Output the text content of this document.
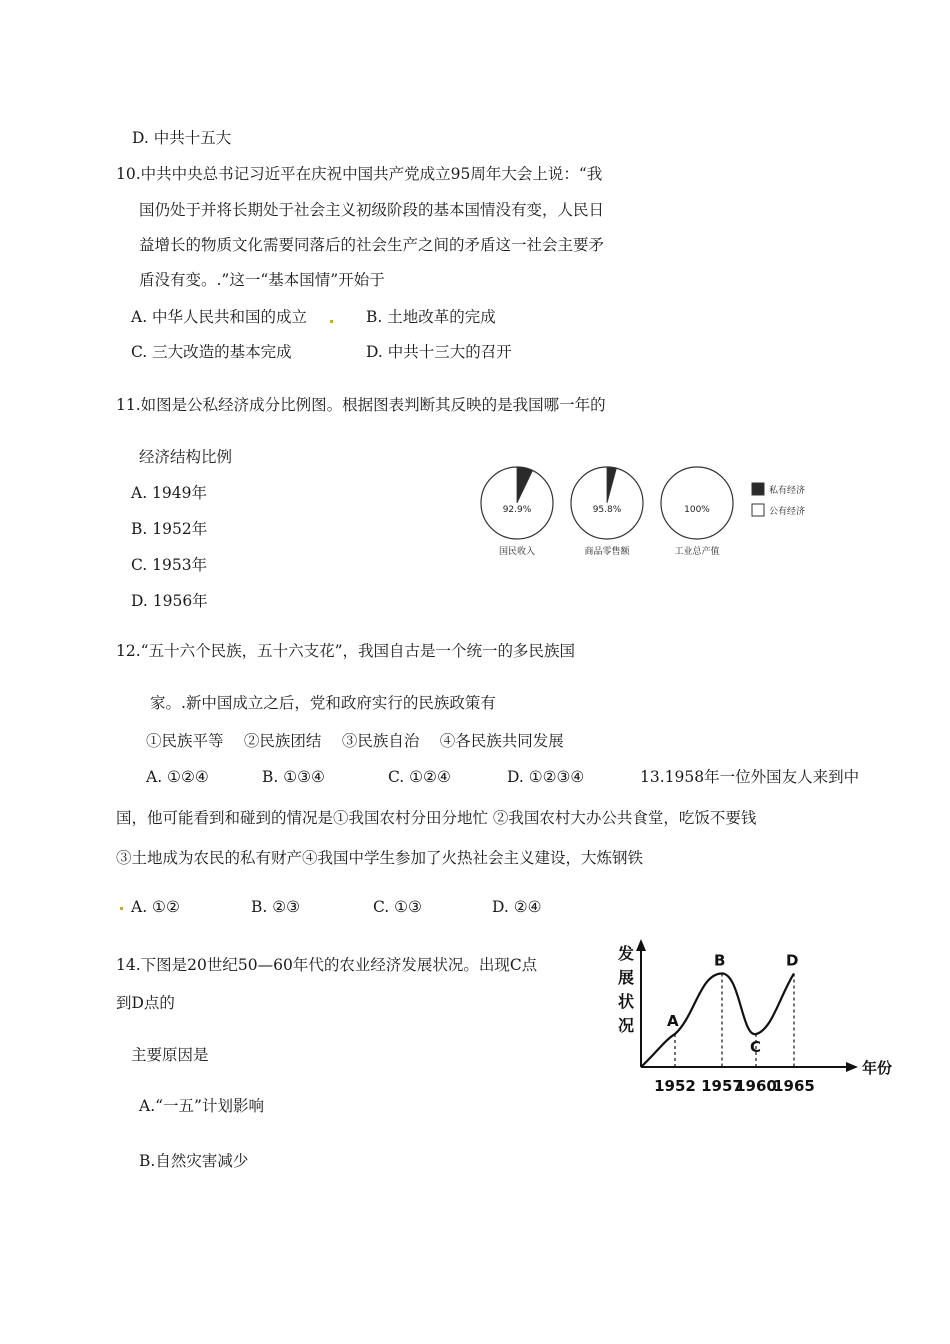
D. 中共十五大
10.中共中央总书记习近平在庆祝中国共产党成立95周年大会上说：“我
国仍处于并将长期处于社会主义初级阶段的基本国情没有变，人民日
益增长的物质文化需要同落后的社会生产之间的矛盾这一社会主要矛
盾没有变。.”这一“基本国情”开始于
A. 中华人民共和国的成立	B. 土地改革的完成
C. 三大改造的基本完成	D. 中共十三大的召开
11.如图是公私经济成分比例图。根据图表判断其反映的是我国哪一年的
经济结构比例
A. 1949年
B. 1952年
C. 1953年
D. 1956年
92.9%
国民收入
95.8%
商品零售额
100%
工业总产值
私有经济
公有经济
12.“五十六个民族，五十六支花”，我国自古是一个统一的多民族国
家。.新中国成立之后，党和政府实行的民族政策有
①民族平等　 ②民族团结　 ③民族自治　 ④各民族共同发展
A. ①②④	B. ①③④	C. ①②④	D. ①②③④	13.1958年一位外国友人来到中
国，他可能看到和碰到的情况是①我国农村分田分地忙 ②我国农村大办公共食堂，吃饭不要钱
③土地成为农民的私有财产④我国中学生参加了火热社会主义建设，大炼钢铁
A. ①②	B. ②③	C. ①③	D. ②④
14.下图是20世纪50—60年代的农业经济发展状况。出现C点
到D点的
主要原因是
A.“一五”计划影响
B.自然灾害减少
发
展
状
况
年份
A
1952
B
1957
C
1960
D
1965
